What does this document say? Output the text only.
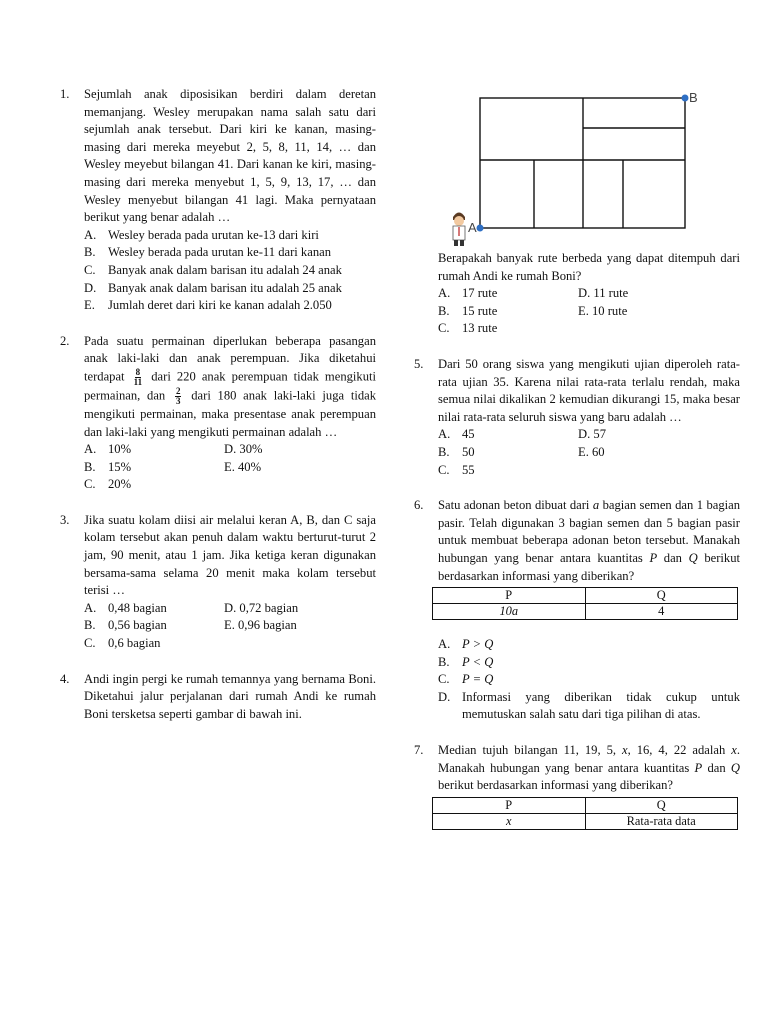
1. Sejumlah anak diposisikan berdiri dalam deretan memanjang. Wesley merupakan nama salah satu dari sejumlah anak tersebut. Dari kiri ke kanan, masing-masing dari mereka meyebut 2, 5, 8, 11, 14, … dan Wesley meyebut bilangan 41. Dari kanan ke kiri, masing-masing dari mereka menyebut 1, 5, 9, 13, 17, … dan Wesley menyebut bilangan 41 lagi. Maka pernyataan berikut yang benar adalah …
A. Wesley berada pada urutan ke-13 dari kiri
B. Wesley berada pada urutan ke-11 dari kanan
C. Banyak anak dalam barisan itu adalah 24 anak
D. Banyak anak dalam barisan itu adalah 25 anak
E. Jumlah deret dari kiri ke kanan adalah 2.050
2. Pada suatu permainan diperlukan beberapa pasangan anak laki-laki dan anak perempuan. Jika diketahui terdapat $\frac{8}{11}$ dari 220 anak perempuan tidak mengikuti permainan, dan $\frac{2}{3}$ dari 180 anak laki-laki juga tidak mengikuti permainan, maka presentase anak perempuan dan laki-laki yang mengikuti permainan adalah …
A. 10%	D. 30%
B. 15%	E. 40%
C. 20%
3. Jika suatu kolam diisi air melalui keran A, B, dan C saja kolam tersebut akan penuh dalam waktu berturut-turut 2 jam, 90 menit, atau 1 jam. Jika ketiga keran digunakan bersama-sama selama 20 menit maka kolam tersebut terisi …
A. 0,48 bagian	D. 0,72 bagian
B. 0,56 bagian	E. 0,96 bagian
C. 0,6 bagian
4. Andi ingin pergi ke rumah temannya yang bernama Boni. Diketahui jalur perjalanan dari rumah Andi ke rumah Boni tersketsa seperti gambar di bawah ini.
B
A
Berapakah banyak rute berbeda yang dapat ditempuh dari rumah Andi ke rumah Boni?
A. 17 rute	D. 11 rute
B. 15 rute	E. 10 rute
C. 13 rute
5. Dari 50 orang siswa yang mengikuti ujian diperoleh rata-rata ujian 35. Karena nilai rata-rata terlalu rendah, maka semua nilai dikalikan 2 kemudian dikurangi 15, maka besar nilai rata-rata seluruh siswa yang baru adalah …
A. 45	D. 57
B. 50	E. 60
C. 55
6. Satu adonan beton dibuat dari a bagian semen dan 1 bagian pasir. Telah digunakan 3 bagian semen dan 5 bagian pasir untuk membuat beberapa adonan beton tersebut. Manakah hubungan yang benar antara kuantitas P dan Q berikut berdasarkan informasi yang diberikan?
P	Q
10a	4
A. P > Q
B. P < Q
C. P = Q
D. Informasi yang diberikan tidak cukup untuk memutuskan salah satu dari tiga pilihan di atas.
7. Median tujuh bilangan 11, 19, 5, x, 16, 4, 22 adalah x. Manakah hubungan yang benar antara kuantitas P dan Q berikut berdasarkan informasi yang diberikan?
P	Q
x	Rata-rata data
